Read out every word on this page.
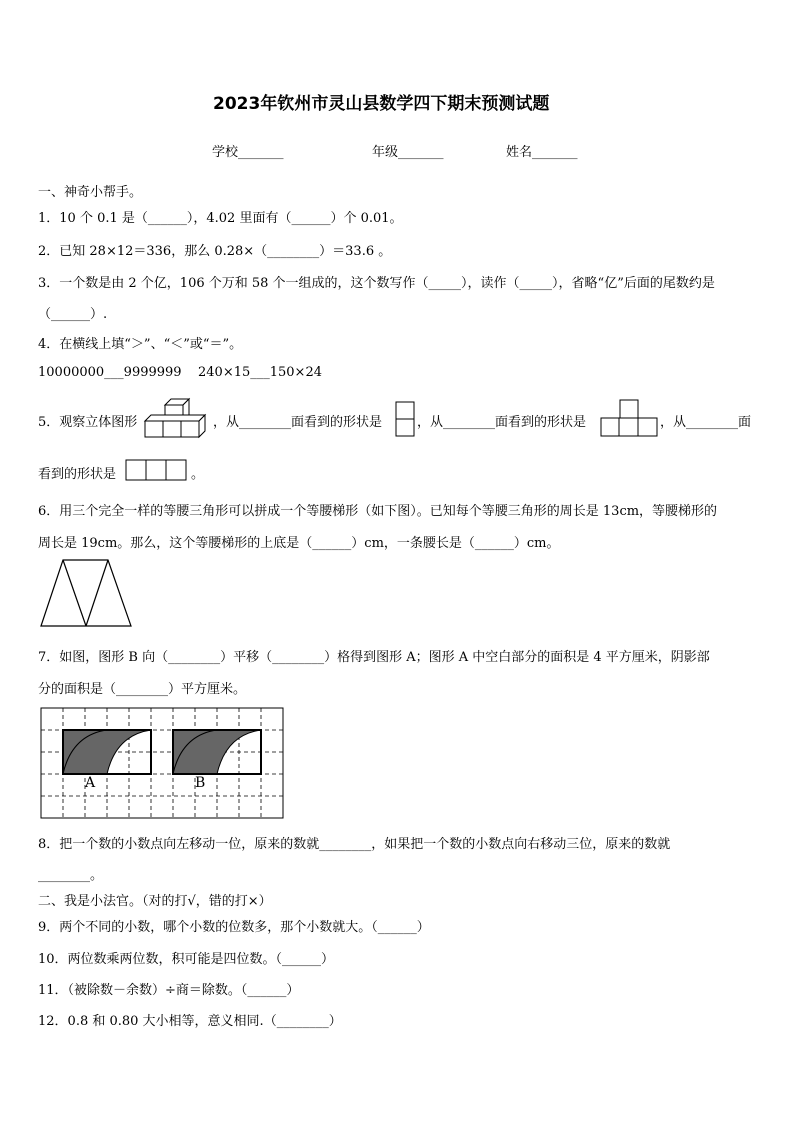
2023年钦州市灵山县数学四下期末预测试题
学校_______	年级_______	姓名_______
一、神奇小帮手。
1．10 个 0.1 是（______），4.02 里面有（______）个 0.01。
2．已知 28×12＝336，那么 0.28×（________）＝33.6 。
3．一个数是由 2 个亿，106 个万和 58 个一组成的，这个数写作（_____），读作（_____），省略“亿”后面的尾数约是
（______）.
4．在横线上填“＞”、“＜”或“＝”。
10000000___9999999 240×15___150×24
5．观察立体图形	，从________面看到的形状是	，从________面看到的形状是	，从________面
看到的形状是	。
6．用三个完全一样的等腰三角形可以拼成一个等腰梯形（如下图）。已知每个等腰三角形的周长是 13cm，等腰梯形的
周长是 19cm。那么，这个等腰梯形的上底是（______）cm，一条腰长是（______）cm。
7．如图，图形 B 向（________）平移（________）格得到图形 A；图形 A 中空白部分的面积是 4 平方厘米，阴影部
分的面积是（________）平方厘米。
A	B
8．把一个数的小数点向左移动一位，原来的数就________，如果把一个数的小数点向右移动三位，原来的数就
________。
二、我是小法官。（对的打√，错的打×）
9．两个不同的小数，哪个小数的位数多，那个小数就大。（______）
10．两位数乘两位数，积可能是四位数。（______）
11．（被除数－余数）÷商＝除数。（______）
12．0.8 和 0.80 大小相等，意义相同.（________）
